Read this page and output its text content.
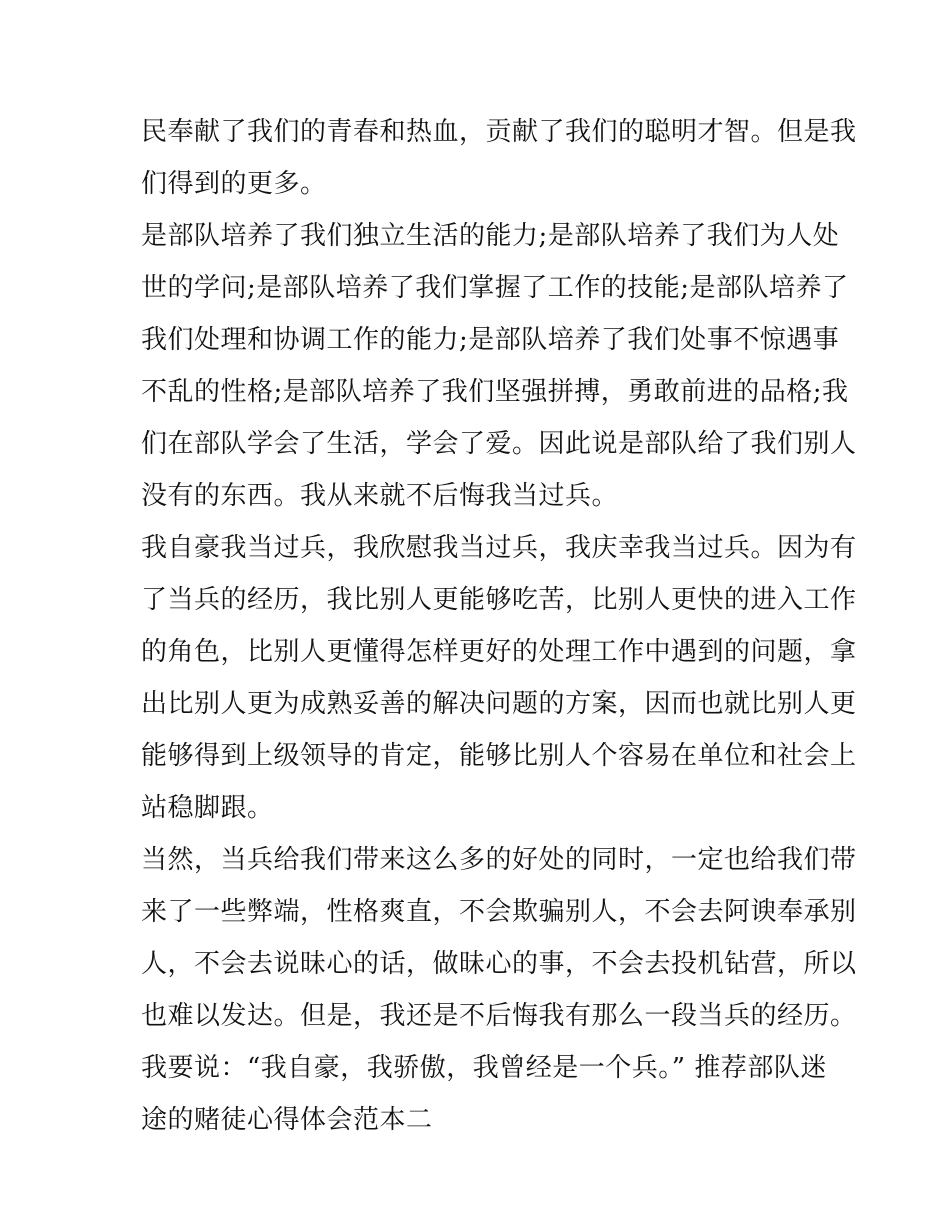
民奉献了我们的青春和热血，贡献了我们的聪明才智。但是我
们得到的更多。
是部队培养了我们独立生活的能力;是部队培养了我们为人处
世的学问;是部队培养了我们掌握了工作的技能;是部队培养了
我们处理和协调工作的能力;是部队培养了我们处事不惊遇事
不乱的性格;是部队培养了我们坚强拼搏，勇敢前进的品格;我
们在部队学会了生活，学会了爱。因此说是部队给了我们别人
没有的东西。我从来就不后悔我当过兵。
我自豪我当过兵，我欣慰我当过兵，我庆幸我当过兵。因为有
了当兵的经历，我比别人更能够吃苦，比别人更快的进入工作
的角色，比别人更懂得怎样更好的处理工作中遇到的问题，拿
出比别人更为成熟妥善的解决问题的方案，因而也就比别人更
能够得到上级领导的肯定，能够比别人个容易在单位和社会上
站稳脚跟。
当然，当兵给我们带来这么多的好处的同时，一定也给我们带
来了一些弊端，性格爽直，不会欺骗别人，不会去阿谀奉承别
人，不会去说昧心的话，做昧心的事，不会去投机钻营，所以
也难以发达。但是，我还是不后悔我有那么一段当兵的经历。
我要说：“我自豪，我骄傲，我曾经是一个兵。” 推荐部队迷
途的赌徒心得体会范本二
